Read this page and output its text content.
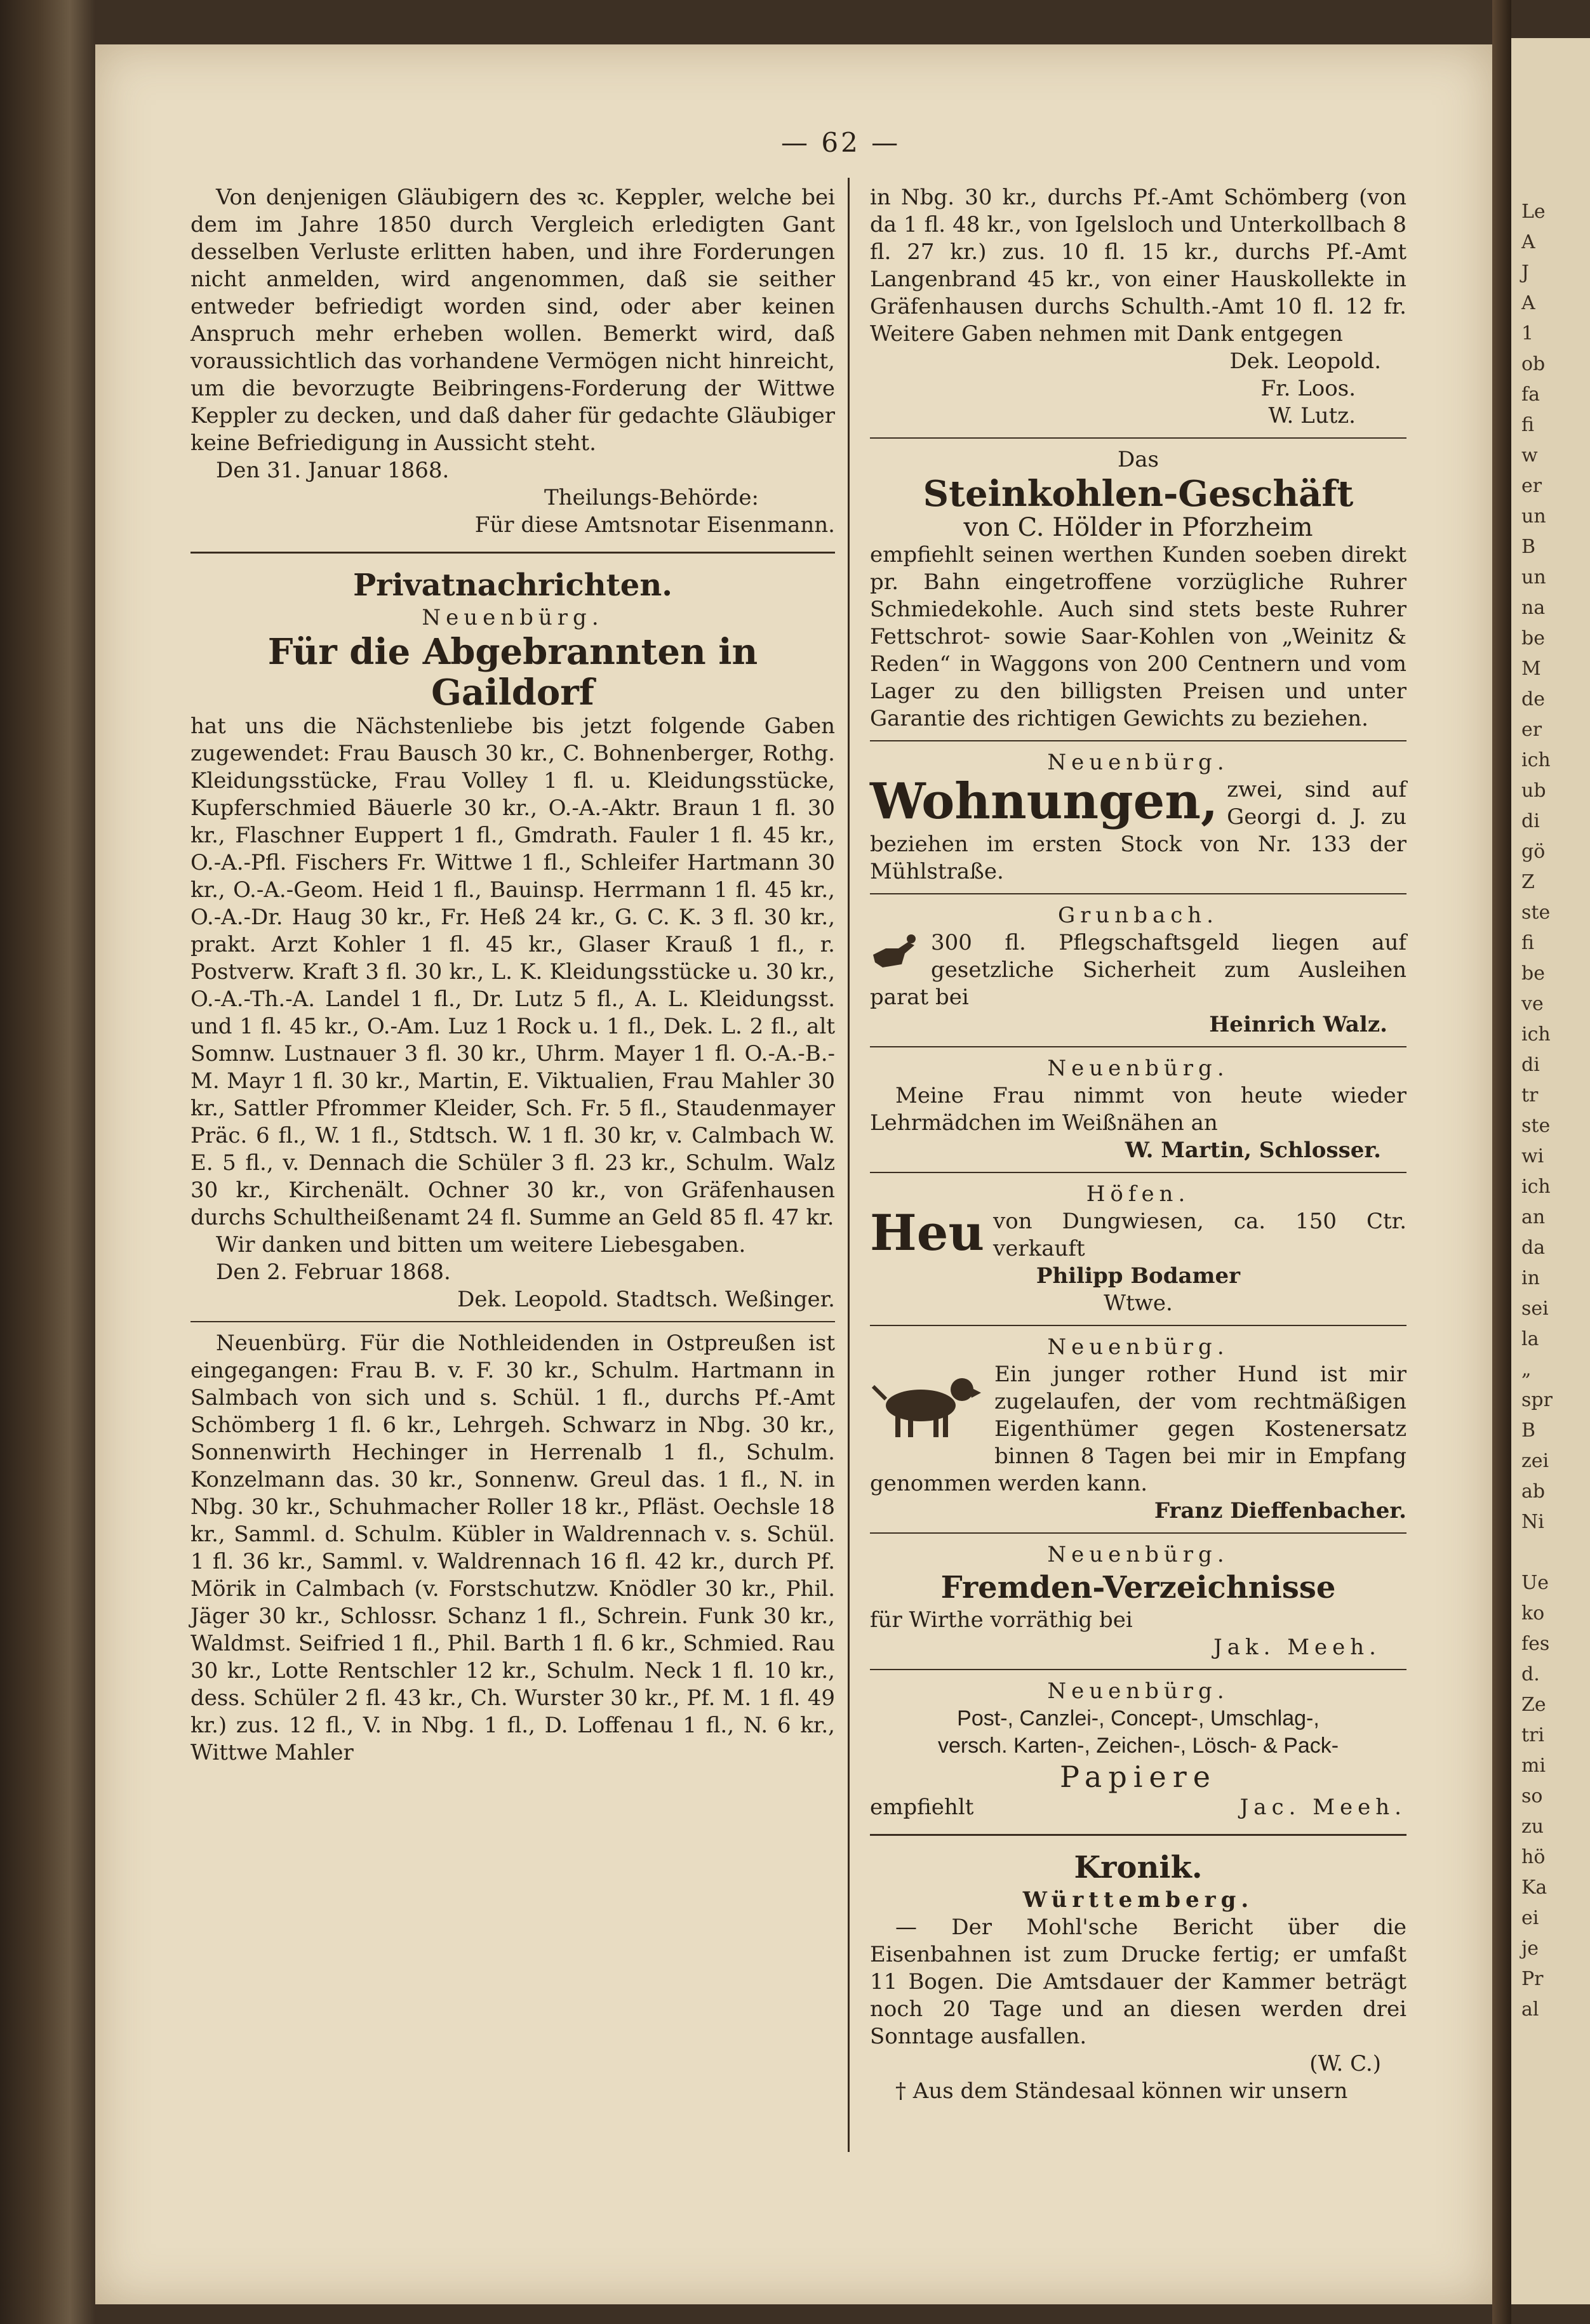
Le
A
J
A
1
ob
fa
fi
w
er
un
B
un
na
be
M
de
er
ich
ub
di
gö
Z
ste
fi
be
ve
ich
di
tr
ste
wi
ich
an
da
in
sei
la
„
spr
B
zei
ab
Ni

Ue
ko
fes
d.
Ze
tri
mi
so
zu
hö
Ka
ei
je
Pr
al
— 62 —

Von denjenigen Gläubigern des ꝛc. Keppler, welche bei dem im Jahre 1850 durch Vergleich erledigten Gant desselben Verluste erlitten haben, und ihre Forderungen nicht anmelden, wird angenommen, daß sie seither entweder befriedigt worden sind, oder aber keinen Anspruch mehr erheben wollen. Bemerkt wird, daß voraussichtlich das vorhandene Vermögen nicht hinreicht, um die bevorzugte Beibringens-Forderung der Wittwe Keppler zu decken, und daß daher für gedachte Gläubiger keine Befriedigung in Aussicht steht.

Den 31. Januar 1868.

Theilungs-Behörde:

Für diese Amtsnotar Eisenmann.

Privatnachrichten.

Neuenbürg.

Für die Abgebrannten in Gaildorf

hat uns die Nächstenliebe bis jetzt folgende Gaben zugewendet: Frau Bausch 30 kr., C. Bohnenberger, Rothg. Kleidungsstücke, Frau Volley 1 fl. u. Kleidungsstücke, Kupferschmied Bäuerle 30 kr., O.-A.-Aktr. Braun 1 fl. 30 kr., Flaschner Euppert 1 fl., Gmdrath. Fauler 1 fl. 45 kr., O.-A.-Pfl. Fischers Fr. Wittwe 1 fl., Schleifer Hartmann 30 kr., O.-A.-Geom. Heid 1 fl., Bauinsp. Herrmann 1 fl. 45 kr., O.-A.-Dr. Haug 30 kr., Fr. Heß 24 kr., G. C. K. 3 fl. 30 kr., prakt. Arzt Kohler 1 fl. 45 kr., Glaser Krauß 1 fl., r. Postverw. Kraft 3 fl. 30 kr., L. K. Kleidungsstücke u. 30 kr., O.-A.-Th.-A. Landel 1 fl., Dr. Lutz 5 fl., A. L. Kleidungsst. und 1 fl. 45 kr., O.-Am. Luz 1 Rock u. 1 fl., Dek. L. 2 fl., alt Somnw. Lustnauer 3 fl. 30 kr., Uhrm. Mayer 1 fl. O.-A.-B.-M. Mayr 1 fl. 30 kr., Martin, E. Viktualien, Frau Mahler 30 kr., Sattler Pfrommer Kleider, Sch. Fr. 5 fl., Staudenmayer Präc. 6 fl., W. 1 fl., Stdtsch. W. 1 fl. 30 kr, v. Calmbach W. E. 5 fl., v. Dennach die Schüler 3 fl. 23 kr., Schulm. Walz 30 kr., Kirchenält. Ochner 30 kr., von Gräfenhausen durchs Schultheißenamt 24 fl. Summe an Geld 85 fl. 47 kr.

Wir danken und bitten um weitere Liebesgaben.

Den 2. Februar 1868.

Dek. Leopold. Stadtsch. Weßinger.

Neuenbürg. Für die Nothleidenden in Ostpreußen ist eingegangen: Frau B. v. F. 30 kr., Schulm. Hartmann in Salmbach von sich und s. Schül. 1 fl., durchs Pf.-Amt Schömberg 1 fl. 6 kr., Lehrgeh. Schwarz in Nbg. 30 kr., Sonnenwirth Hechinger in Herrenalb 1 fl., Schulm. Konzelmann das. 30 kr., Sonnenw. Greul das. 1 fl., N. in Nbg. 30 kr., Schuhmacher Roller 18 kr., Pfläst. Oechsle 18 kr., Samml. d. Schulm. Kübler in Waldrennach v. s. Schül. 1 fl. 36 kr., Samml. v. Waldrennach 16 fl. 42 kr., durch Pf. Mörik in Calmbach (v. Forstschutzw. Knödler 30 kr., Phil. Jäger 30 kr., Schlossr. Schanz 1 fl., Schrein. Funk 30 kr., Waldmst. Seifried 1 fl., Phil. Barth 1 fl. 6 kr., Schmied. Rau 30 kr., Lotte Rentschler 12 kr., Schulm. Neck 1 fl. 10 kr., dess. Schüler 2 fl. 43 kr., Ch. Wurster 30 kr., Pf. M. 1 fl. 49 kr.) zus. 12 fl., V. in Nbg. 1 fl., D. Loffenau 1 fl., N. 6 kr., Wittwe Mahler

in Nbg. 30 kr., durchs Pf.-Amt Schömberg (von da 1 fl. 48 kr., von Igelsloch und Unterkollbach 8 fl. 27 kr.) zus. 10 fl. 15 kr., durchs Pf.-Amt Langenbrand 45 kr., von einer Hauskollekte in Gräfenhausen durchs Schulth.-Amt 10 fl. 12 fr. Weitere Gaben nehmen mit Dank entgegen

Dek. Leopold.

Fr. Loos.

W. Lutz.

Das

Steinkohlen-Geschäft

von C. Hölder in Pforzheim

empfiehlt seinen werthen Kunden soeben direkt pr. Bahn eingetroffene vorzügliche Ruhrer Schmiedekohle. Auch sind stets beste Ruhrer Fettschrot- sowie Saar-Kohlen von „Weinitz & Reden“ in Waggons von 200 Centnern und vom Lager zu den billigsten Preisen und unter Garantie des richtigen Gewichts zu beziehen.

Neuenbürg.

Wohnungen, zwei, sind auf Georgi d. J. zu beziehen im ersten Stock von Nr. 133 der Mühlstraße.

Grunbach.

300 fl. Pflegschaftsgeld liegen auf gesetzliche Sicherheit zum Ausleihen parat bei

Heinrich Walz.

Neuenbürg.

Meine Frau nimmt von heute wieder Lehrmädchen im Weißnähen an

W. Martin, Schlosser.

Höfen.

Heu von Dungwiesen, ca. 150 Ctr. verkauft

Philipp Bodamer

Wtwe.

Neuenbürg.

Ein junger rother Hund ist mir zugelaufen, der vom rechtmäßigen Eigenthümer gegen Kostenersatz binnen 8 Tagen bei mir in Empfang genommen werden kann.

Franz Dieffenbacher.

Neuenbürg.

Fremden-Verzeichnisse

für Wirthe vorräthig bei

Jak. Meeh.

Neuenbürg.

Post-, Canzlei-, Concept-, Umschlag-,

versch. Karten-, Zeichen-, Lösch- & Pack-

Papiere
empfiehlt	Jac. Meeh.
Kronik.

Württemberg.

— Der Mohl'sche Bericht über die Eisenbahnen ist zum Drucke fertig; er umfaßt 11 Bogen. Die Amtsdauer der Kammer beträgt noch 20 Tage und an diesen werden drei Sonntage ausfallen.

(W. C.)

† Aus dem Ständesaal können wir unsern
